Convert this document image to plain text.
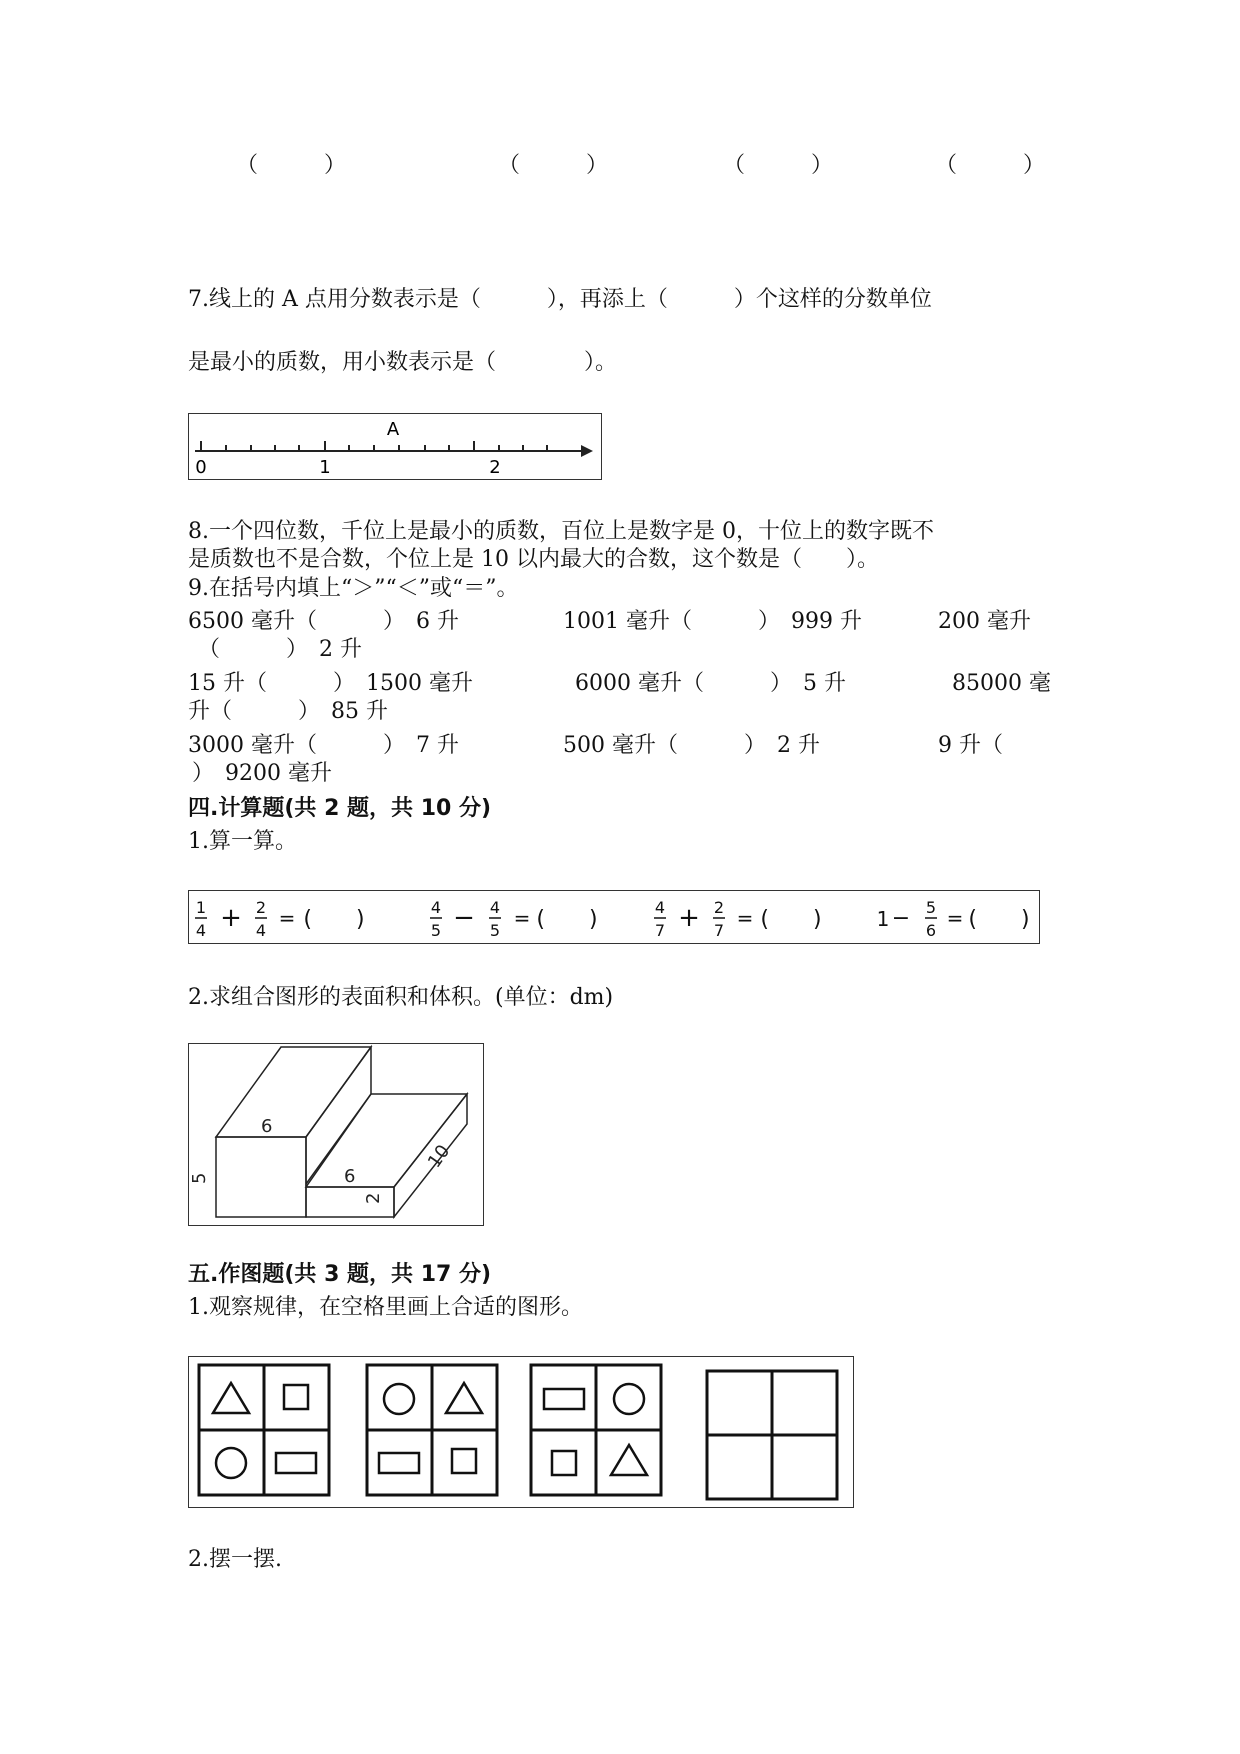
（　　　）	（　　　）	（　　　）	（　　　）
7.线上的 A 点用分数表示是（　　　），再添上（　　　）个这样的分数单位
是最小的质数，用小数表示是（　　　　）。
A
0	1	2
8.一个四位数，千位上是最小的质数，百位上是数字是 0，十位上的数字既不
是质数也不是合数，个位上是 10 以内最大的合数，这个数是（　　）。
9.在括号内填上“＞”“＜”或“＝”。
6500 毫升（　　　）　6 升	1001 毫升（　　　）　999 升	200 毫升
（　　　）　2 升
15 升（　　　）　1500 毫升	6000 毫升（　　　）　5 升	85000 毫
升（　　　）　85 升
3000 毫升（　　　）　7 升	500 毫升（　　　）　2 升	9 升（
）　9200 毫升
四.计算题(共 2 题，共 10 分)
1.算一算。
1
4 + 2
4
= (　　)	4
5 − 4
5
= (　　)	4
7 + 2
7
= (　　)	1 − 5
6
= (　　)
2.求组合图形的表面积和体积。(单位：dm)
6
5	6
2
10
五.作图题(共 3 题，共 17 分)
1.观察规律，在空格里画上合适的图形。
2.摆一摆.
